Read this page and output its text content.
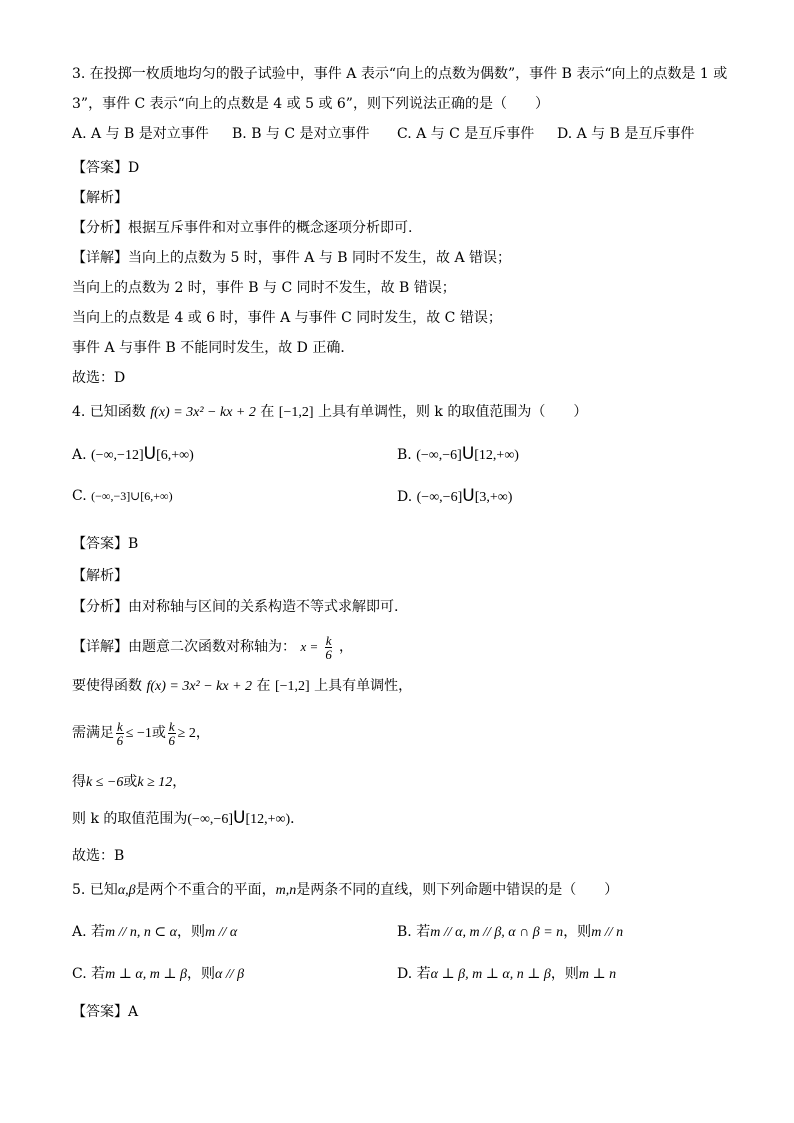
3. 在投掷一枚质地均匀的骰子试验中，事件 A 表示“向上的点数为偶数”，事件 B 表示“向上的点数是 1 或
3”，事件 C 表示“向上的点数是 4 或 5 或 6”，则下列说法正确的是（　　）
A. A 与 B 是对立事件 B. B 与 C 是对立事件 C. A 与 C 是互斥事件 D. A 与 B 是互斥事件
【答案】D
【解析】
【分析】根据互斥事件和对立事件的概念逐项分析即可.
【详解】当向上的点数为 5 时，事件 A 与 B 同时不发生，故 A 错误；
当向上的点数为 2 时，事件 B 与 C 同时不发生，故 B 错误；
当向上的点数是 4 或 6 时，事件 A 与事件 C 同时发生，故 C 错误；
事件 A 与事件 B 不能同时发生，故 D 正确．
故选：D
4. 已知函数 f(x) = 3x² − kx + 2 在 [−1,2] 上具有单调性，则 k 的取值范围为（　　）
A. (−∞,−12]U[6,+∞)	B. (−∞,−6]U[12,+∞)
C. (−∞,−3]∪[6,+∞)	D. (−∞,−6]U[3,+∞)
【答案】B
【解析】
【分析】由对称轴与区间的关系构造不等式求解即可.
【详解】由题意二次函数对称轴为： $x = \frac{k}{6}$ ，
要使得函数 f(x) = 3x² − kx + 2 在 [−1,2] 上具有单调性，
需满足 $\frac{k}{6} \le -1$或 $\frac{k}{6} \ge 2$，
得k ≤ −6或k ≥ 12，
则 k 的取值范围为(−∞,−6]U[12,+∞)．
故选：B
5. 已知α,β是两个不重合的平面，m,n是两条不同的直线，则下列命题中错误的是（　　）
A. 若m // n, n ⊂ α，则m // α	B. 若m // α, m // β, α ∩ β = n，则m // n
C. 若m ⊥ α, m ⊥ β，则α // β	D. 若α ⊥ β, m ⊥ α, n ⊥ β，则m ⊥ n
【答案】A
